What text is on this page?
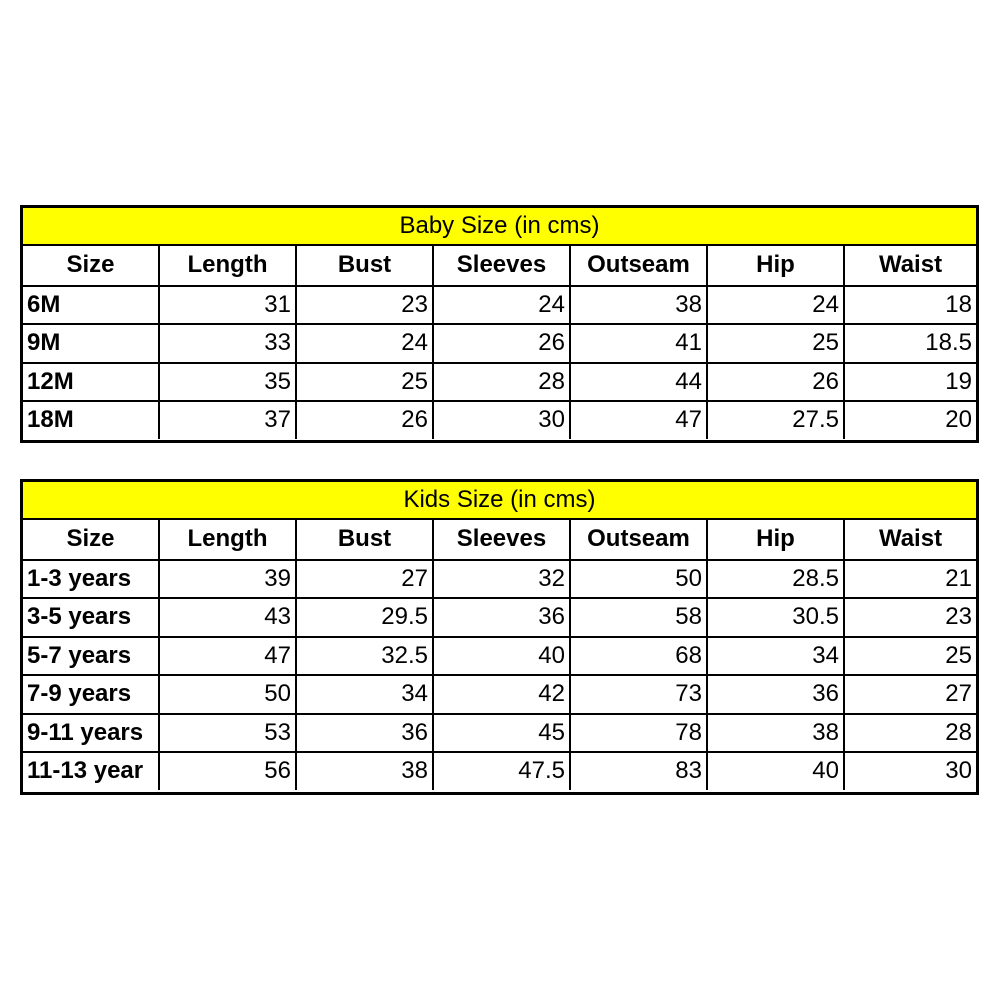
Baby Size (in cms)
Size	Length	Bust	Sleeves	Outseam	Hip	Waist
6M	31	23	24	38	24	18
9M	33	24	26	41	25	18.5
12M	35	25	28	44	26	19
18M	37	26	30	47	27.5	20
Kids Size (in cms)
Size	Length	Bust	Sleeves	Outseam	Hip	Waist
1-3 years	39	27	32	50	28.5	21
3-5 years	43	29.5	36	58	30.5	23
5-7 years	47	32.5	40	68	34	25
7-9 years	50	34	42	73	36	27
9-11 years	53	36	45	78	38	28
11-13 year	56	38	47.5	83	40	30
